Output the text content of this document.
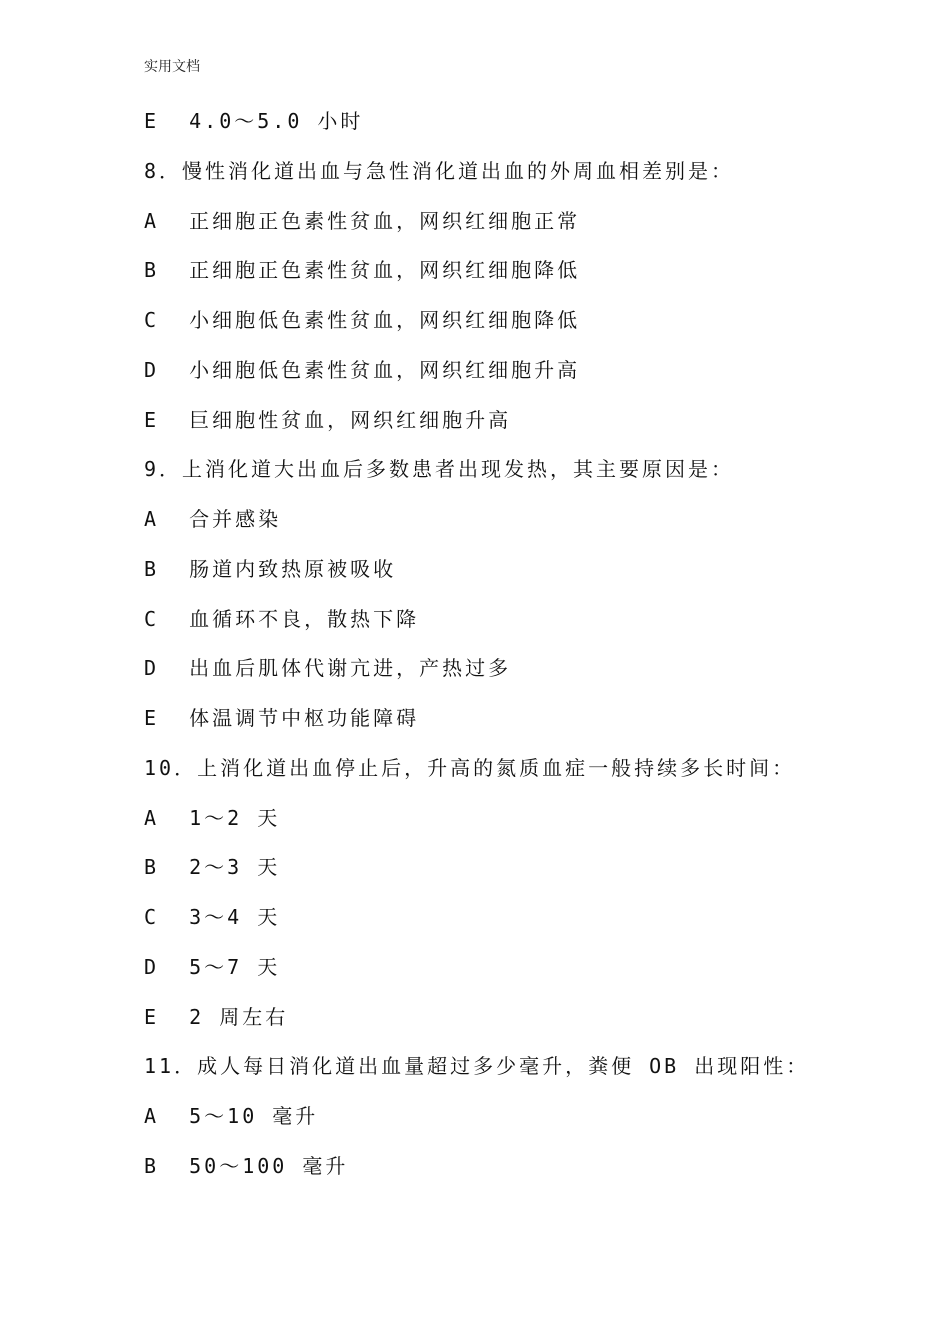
实用文档
E  4.0～5.0 小时
8．慢性消化道出血与急性消化道出血的外周血相差别是：
A  正细胞正色素性贫血，网织红细胞正常
B  正细胞正色素性贫血，网织红细胞降低
C  小细胞低色素性贫血，网织红细胞降低
D  小细胞低色素性贫血，网织红细胞升高
E  巨细胞性贫血，网织红细胞升高
9．上消化道大出血后多数患者出现发热，其主要原因是：
A  合并感染
B  肠道内致热原被吸收
C  血循环不良，散热下降
D  出血后肌体代谢亢进，产热过多
E  体温调节中枢功能障碍
10．上消化道出血停止后，升高的氮质血症一般持续多长时间：
A  1～2 天
B  2～3 天
C  3～4 天
D  5～7 天
E  2 周左右
11．成人每日消化道出血量超过多少毫升，粪便 OB 出现阳性：
A  5～10 毫升
B  50～100 毫升
